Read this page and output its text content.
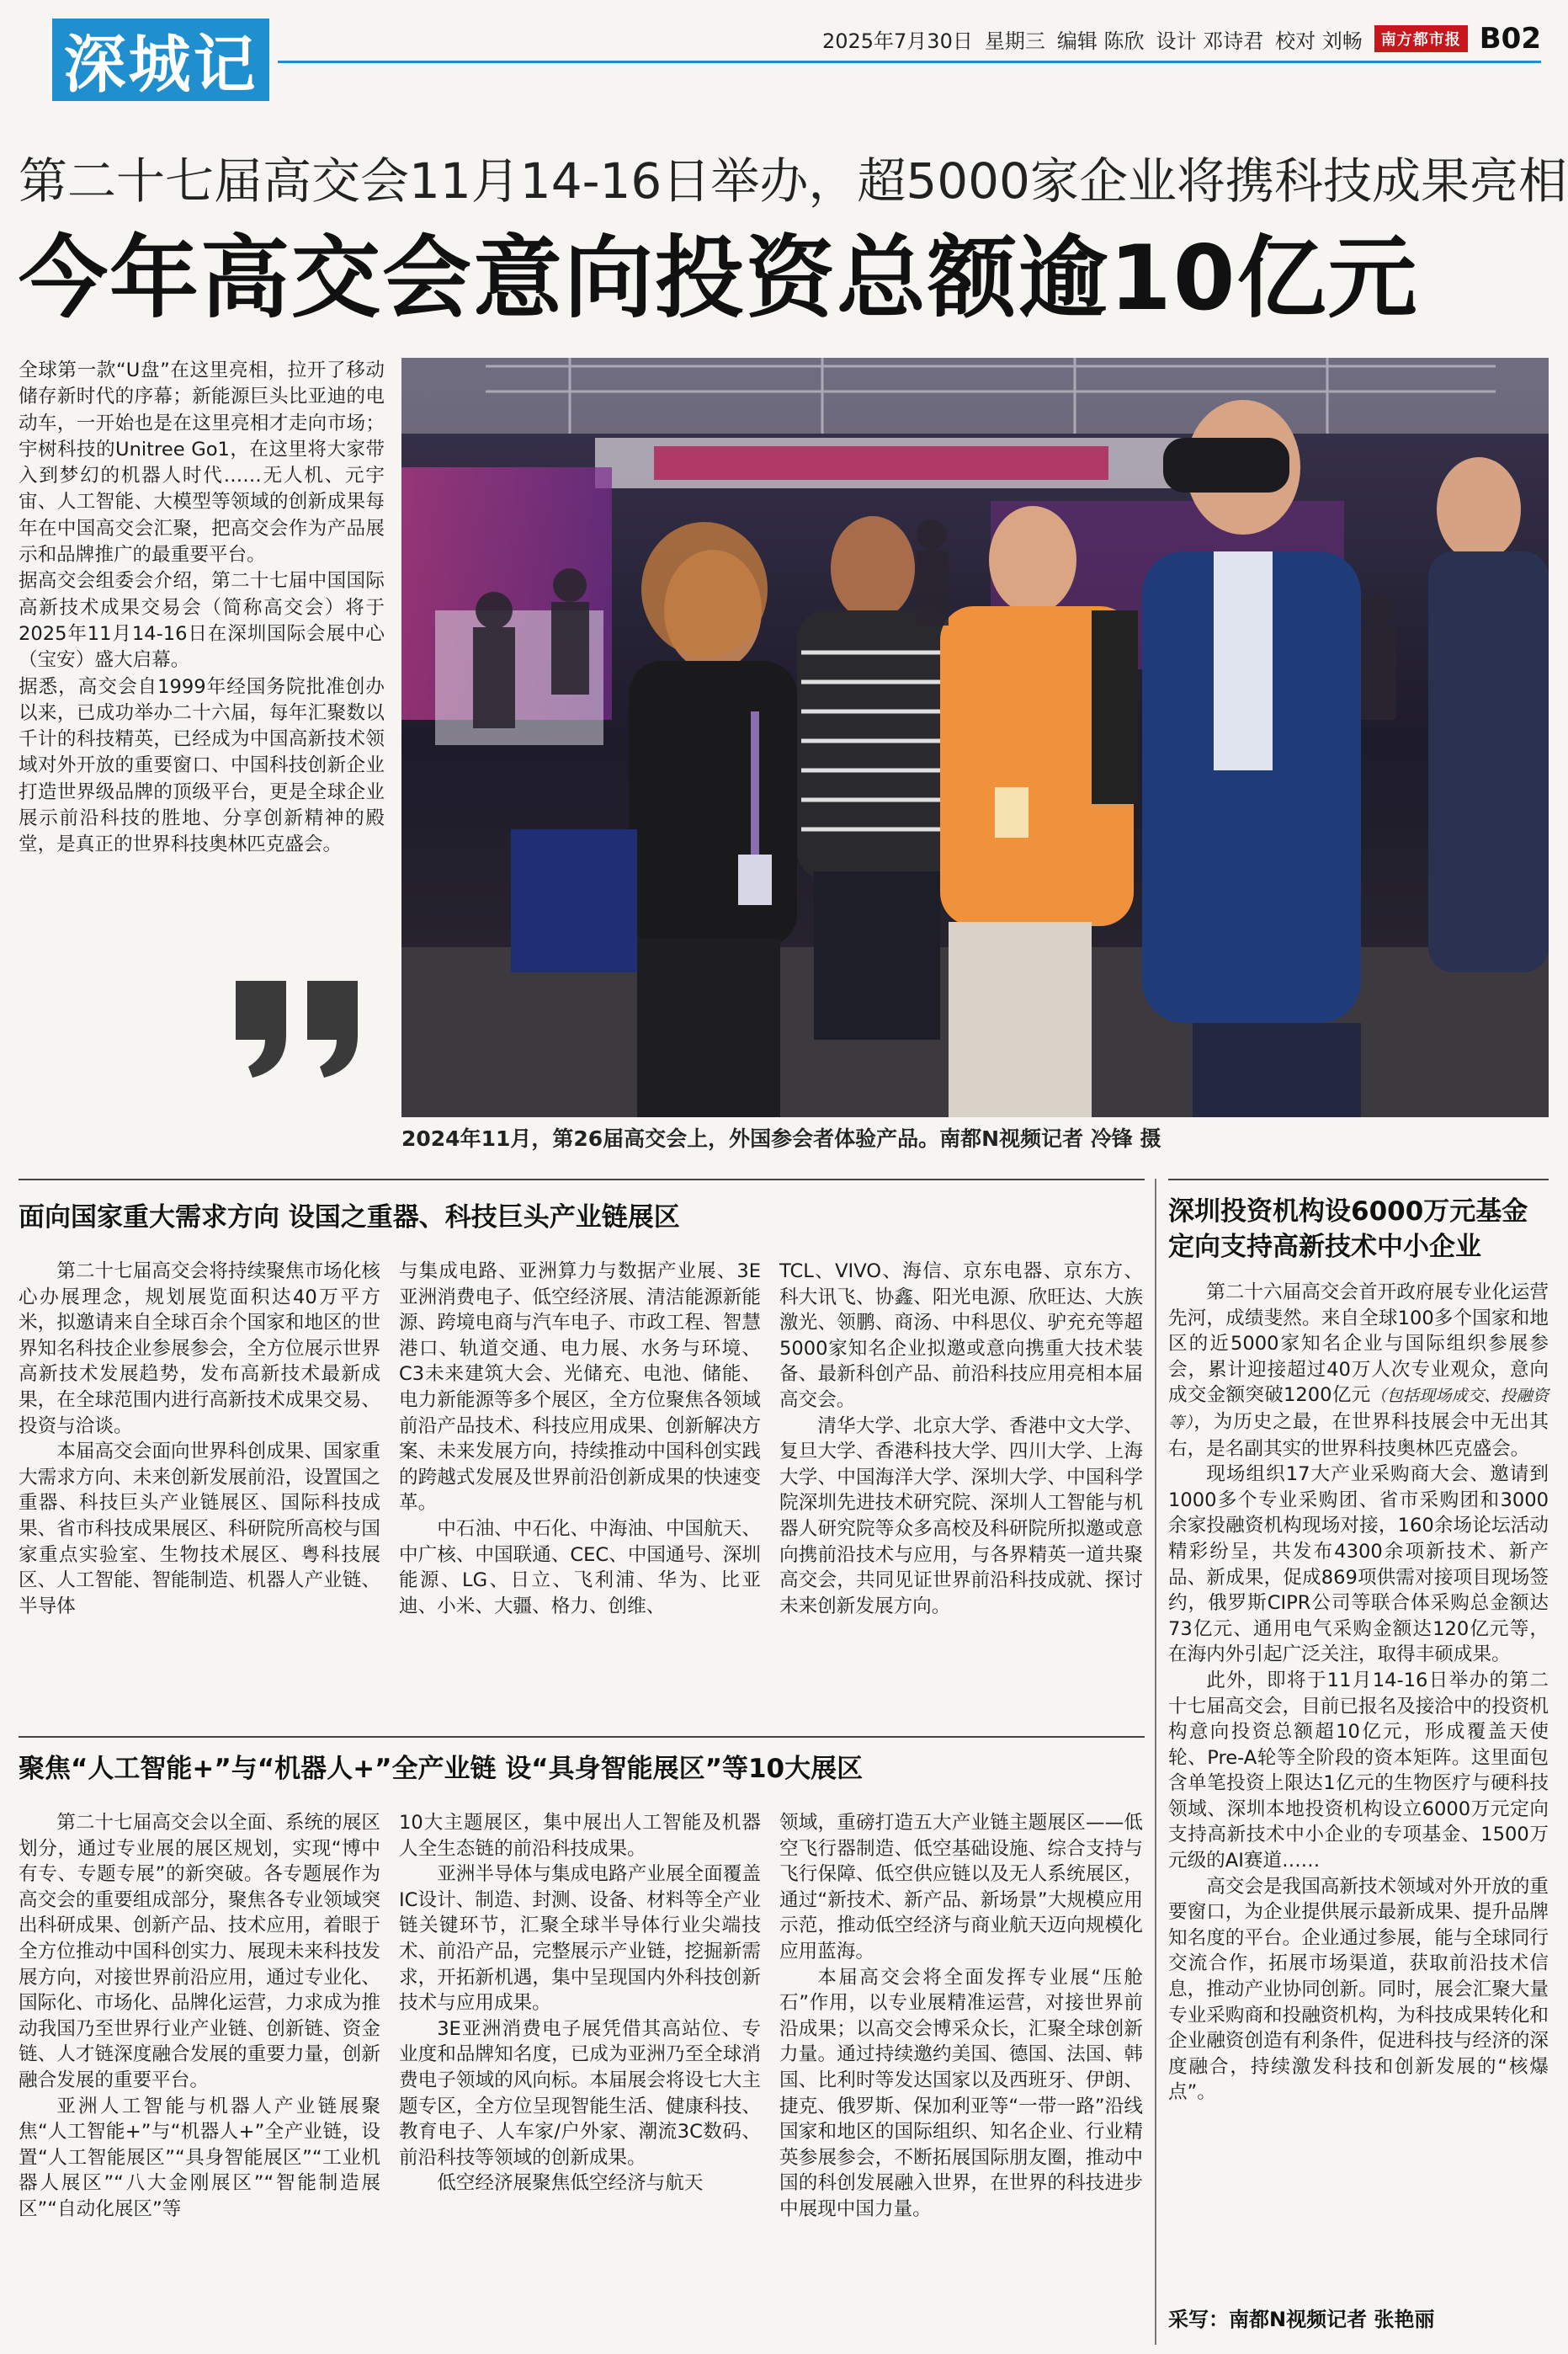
深城记	2025年7月30日 星期三 编辑 陈欣 设计 邓诗君 校对 刘畅	南方都市报 B02
第二十七届高交会11月14-16日举办，超5000家企业将携科技成果亮相
今年高交会意向投资总额逾10亿元

全球第一款“U盘”在这里亮相，拉开了移动储存新时代的序幕；新能源巨头比亚迪的电动车，一开始也是在这里亮相才走向市场；宇树科技的Unitree Go1，在这里将大家带入到梦幻的机器人时代……无人机、元宇宙、人工智能、大模型等领域的创新成果每年在中国高交会汇聚，把高交会作为产品展示和品牌推广的最重要平台。

据高交会组委会介绍，第二十七届中国国际高新技术成果交易会（简称高交会）将于2025年11月14-16日在深圳国际会展中心（宝安）盛大启幕。

据悉，高交会自1999年经国务院批准创办以来，已成功举办二十六届，每年汇聚数以千计的科技精英，已经成为中国高新技术领域对外开放的重要窗口、中国科技创新企业打造世界级品牌的顶级平台，更是全球企业展示前沿科技的胜地、分享创新精神的殿堂，是真正的世界科技奥林匹克盛会。

2024年11月，第26届高交会上，外国参会者体验产品。南都N视频记者 冷锋 摄
面向国家重大需求方向 设国之重器、科技巨头产业链展区

第二十七届高交会将持续聚焦市场化核心办展理念，规划展览面积达40万平方米，拟邀请来自全球百余个国家和地区的世界知名科技企业参展参会，全方位展示世界高新技术发展趋势，发布高新技术最新成果，在全球范围内进行高新技术成果交易、投资与洽谈。

本届高交会面向世界科创成果、国家重大需求方向、未来创新发展前沿，设置国之重器、科技巨头产业链展区、国际科技成果、省市科技成果展区、科研院所高校与国家重点实验室、生物技术展区、粤科技展区、人工智能、智能制造、机器人产业链、半导体

与集成电路、亚洲算力与数据产业展、3E亚洲消费电子、低空经济展、清洁能源新能源、跨境电商与汽车电子、市政工程、智慧港口、轨道交通、电力展、水务与环境、C3未来建筑大会、光储充、电池、储能、电力新能源等多个展区，全方位聚焦各领域前沿产品技术、科技应用成果、创新解决方案、未来发展方向，持续推动中国科创实践的跨越式发展及世界前沿创新成果的快速变革。

中石油、中石化、中海油、中国航天、中广核、中国联通、CEC、中国通号、深圳能源、LG、日立、飞利浦、华为、比亚迪、小米、大疆、格力、创维、

TCL、VIVO、海信、京东电器、京东方、科大讯飞、协鑫、阳光电源、欣旺达、大族激光、领鹏、商汤、中科思仪、驴充充等超5000家知名企业拟邀或意向携重大技术装备、最新科创产品、前沿科技应用亮相本届高交会。

清华大学、北京大学、香港中文大学、复旦大学、香港科技大学、四川大学、上海大学、中国海洋大学、深圳大学、中国科学院深圳先进技术研究院、深圳人工智能与机器人研究院等众多高校及科研院所拟邀或意向携前沿技术与应用，与各界精英一道共聚高交会，共同见证世界前沿科技成就、探讨未来创新发展方向。

聚焦“人工智能+”与“机器人+”全产业链 设“具身智能展区”等10大展区

第二十七届高交会以全面、系统的展区划分，通过专业展的展区规划，实现“博中有专、专题专展”的新突破。各专题展作为高交会的重要组成部分，聚焦各专业领域突出科研成果、创新产品、技术应用，着眼于全方位推动中国科创实力、展现未来科技发展方向，对接世界前沿应用，通过专业化、国际化、市场化、品牌化运营，力求成为推动我国乃至世界行业产业链、创新链、资金链、人才链深度融合发展的重要力量，创新融合发展的重要平台。

亚洲人工智能与机器人产业链展聚焦“人工智能+”与“机器人+”全产业链，设置“人工智能展区”“具身智能展区”“工业机器人展区”“八大金刚展区”“智能制造展区”“自动化展区”等

10大主题展区，集中展出人工智能及机器人全生态链的前沿科技成果。

亚洲半导体与集成电路产业展全面覆盖IC设计、制造、封测、设备、材料等全产业链关键环节，汇聚全球半导体行业尖端技术、前沿产品，完整展示产业链，挖掘新需求，开拓新机遇，集中呈现国内外科技创新技术与应用成果。

3E亚洲消费电子展凭借其高站位、专业度和品牌知名度，已成为亚洲乃至全球消费电子领域的风向标。本届展会将设七大主题专区，全方位呈现智能生活、健康科技、教育电子、人车家/户外家、潮流3C数码、前沿科技等领域的创新成果。

低空经济展聚焦低空经济与航天

领域，重磅打造五大产业链主题展区——低空飞行器制造、低空基础设施、综合支持与飞行保障、低空供应链以及无人系统展区，通过“新技术、新产品、新场景”大规模应用示范，推动低空经济与商业航天迈向规模化应用蓝海。

本届高交会将全面发挥专业展“压舱石”作用，以专业展精准运营，对接世界前沿成果；以高交会博采众长，汇聚全球创新力量。通过持续邀约美国、德国、法国、韩国、比利时等发达国家以及西班牙、伊朗、捷克、俄罗斯、保加利亚等“一带一路”沿线国家和地区的国际组织、知名企业、行业精英参展参会，不断拓展国际朋友圈，推动中国的科创发展融入世界，在世界的科技进步中展现中国力量。

深圳投资机构设6000万元基金
定向支持高新技术中小企业

第二十六届高交会首开政府展专业化运营先河，成绩斐然。来自全球100多个国家和地区的近5000家知名企业与国际组织参展参会，累计迎接超过40万人次专业观众，意向成交金额突破1200亿元（包括现场成交、投融资等），为历史之最，在世界科技展会中无出其右，是名副其实的世界科技奥林匹克盛会。

现场组织17大产业采购商大会、邀请到1000多个专业采购团、省市采购团和3000余家投融资机构现场对接，160余场论坛活动精彩纷呈，共发布4300余项新技术、新产品、新成果，促成869项供需对接项目现场签约，俄罗斯CIPR公司等联合体采购总金额达73亿元、通用电气采购金额达120亿元等，在海内外引起广泛关注，取得丰硕成果。

此外，即将于11月14-16日举办的第二十七届高交会，目前已报名及接洽中的投资机构意向投资总额超10亿元，形成覆盖天使轮、Pre-A轮等全阶段的资本矩阵。这里面包含单笔投资上限达1亿元的生物医疗与硬科技领域、深圳本地投资机构设立6000万元定向支持高新技术中小企业的专项基金、1500万元级的AI赛道……

高交会是我国高新技术领域对外开放的重要窗口，为企业提供展示最新成果、提升品牌知名度的平台。企业通过参展，能与全球同行交流合作，拓展市场渠道，获取前沿技术信息，推动产业协同创新。同时，展会汇聚大量专业采购商和投融资机构，为科技成果转化和企业融资创造有利条件，促进科技与经济的深度融合，持续激发科技和创新发展的“核爆点”。

采写：南都N视频记者 张艳丽
